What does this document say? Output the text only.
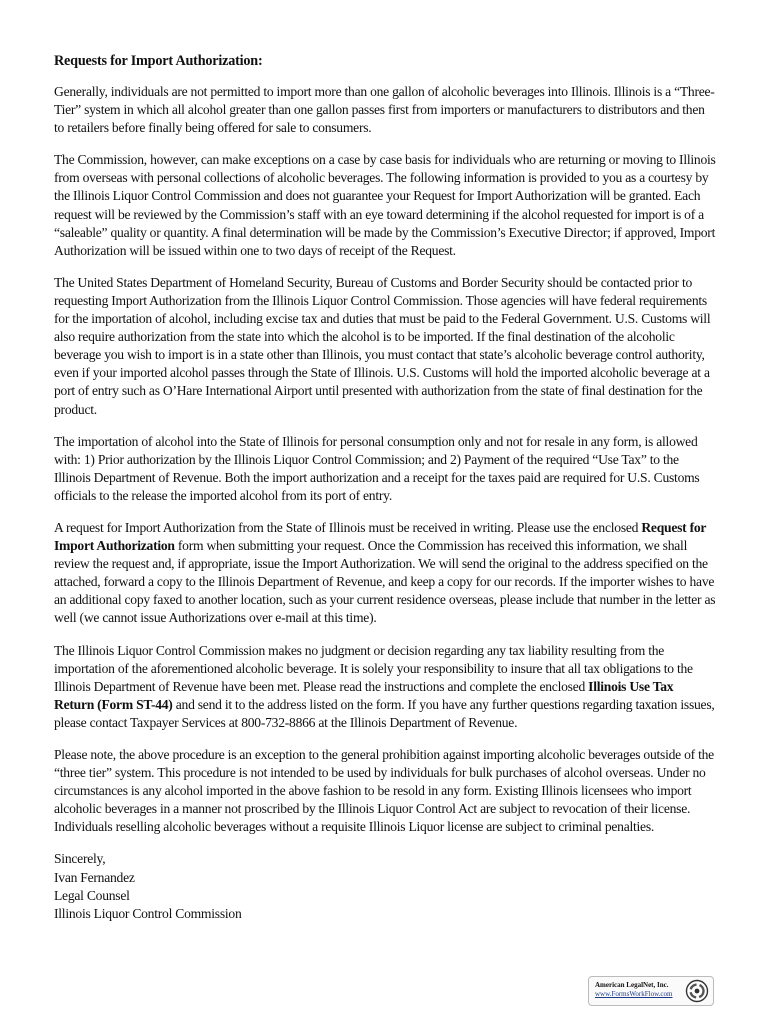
Requests for Import Authorization:

Generally, individuals are not permitted to import more than one gallon of alcoholic beverages into Illinois. Illinois is a “Three-Tier” system in which all alcohol greater than one gallon passes first from importers or manufacturers to distributors and then to retailers before finally being offered for sale to consumers.

The Commission, however, can make exceptions on a case by case basis for individuals who are returning or moving to Illinois from overseas with personal collections of alcoholic beverages. The following information is provided to you as a courtesy by the Illinois Liquor Control Commission and does not guarantee your Request for Import Authorization will be granted. Each request will be reviewed by the Commission’s staff with an eye toward determining if the alcohol requested for import is of a “saleable” quality or quantity. A final determination will be made by the Commission’s Executive Director; if approved, Import Authorization will be issued within one to two days of receipt of the Request.

The United States Department of Homeland Security, Bureau of Customs and Border Security should be contacted prior to requesting Import Authorization from the Illinois Liquor Control Commission. Those agencies will have federal requirements for the importation of alcohol, including excise tax and duties that must be paid to the Federal Government. U.S. Customs will also require authorization from the state into which the alcohol is to be imported. If the final destination of the alcoholic beverage you wish to import is in a state other than Illinois, you must contact that state’s alcoholic beverage control authority, even if your imported alcohol passes through the State of Illinois. U.S. Customs will hold the imported alcoholic beverage at a port of entry such as O’Hare International Airport until presented with authorization from the state of final destination for the product.

The importation of alcohol into the State of Illinois for personal consumption only and not for resale in any form, is allowed with: 1) Prior authorization by the Illinois Liquor Control Commission; and 2) Payment of the required “Use Tax” to the Illinois Department of Revenue. Both the import authorization and a receipt for the taxes paid are required for U.S. Customs officials to the release the imported alcohol from its port of entry.

A request for Import Authorization from the State of Illinois must be received in writing. Please use the enclosed Request for Import Authorization form when submitting your request. Once the Commission has received this information, we shall review the request and, if appropriate, issue the Import Authorization. We will send the original to the address specified on the attached, forward a copy to the Illinois Department of Revenue, and keep a copy for our records. If the importer wishes to have an additional copy faxed to another location, such as your current residence overseas, please include that number in the letter as well (we cannot issue Authorizations over e-mail at this time).

The Illinois Liquor Control Commission makes no judgment or decision regarding any tax liability resulting from the importation of the aforementioned alcoholic beverage. It is solely your responsibility to insure that all tax obligations to the Illinois Department of Revenue have been met. Please read the instructions and complete the enclosed Illinois Use Tax Return (Form ST-44) and send it to the address listed on the form. If you have any further questions regarding taxation issues, please contact Taxpayer Services at 800-732-8866 at the Illinois Department of Revenue.

Please note, the above procedure is an exception to the general prohibition against importing alcoholic beverages outside of the “three tier” system. This procedure is not intended to be used by individuals for bulk purchases of alcohol overseas. Under no circumstances is any alcohol imported in the above fashion to be resold in any form. Existing Illinois licensees who import alcoholic beverages in a manner not proscribed by the Illinois Liquor Control Act are subject to revocation of their license. Individuals reselling alcoholic beverages without a requisite Illinois Liquor license are subject to criminal penalties.

Sincerely,
Ivan Fernandez
Legal Counsel
Illinois Liquor Control Commission
American LegalNet, Inc.
www.FormsWorkFlow.com
